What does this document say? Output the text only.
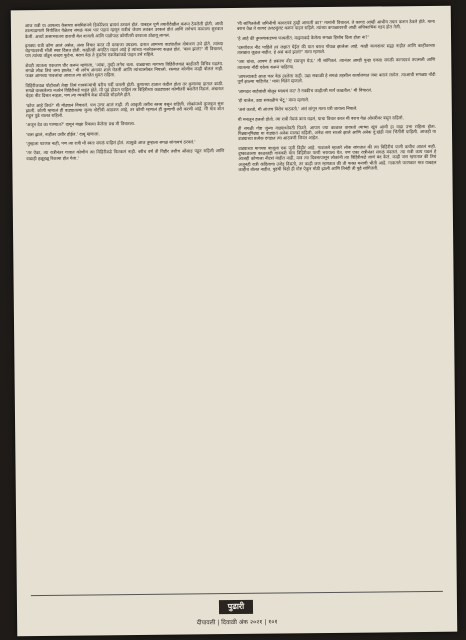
आज रात्री या आपल्या केसच्या सबमिशनचे डिकोरेशन द्यायचं ठरवलं होतं. याबद्दल पूर्ण तयारीदेखील करून ठेवलेली होती. आधी ठरल्याप्रमाणे नियोजित वेळेतच सगळं काम पार पडावं म्हणून रात्रीचं जेवण लवकर उरकलं होतं आणि लगेचच कामाला सुरुवात केली. अर्ध्या तासाभरातच दाराची बेल वाजली आणि पाठोपाठ कोणीतरी दरवाजा ठोठावू लागलं.

इतक्या रात्री कोण आलं असेल, असा विचार करत मी दरवाजा उघडला. दारात आमच्या वाड्यातील दोघंजण उभे होते. त्यांच्या चेहऱ्यावरची भीती स्पष्ट दिसत होती. काहीतरी अघटित घडलं आहे हे त्यांच्या नजरेवरूनच कळत होतं. 'काय झालं?' मी विचारलं, पण त्यांच्या तोंडून शब्दच फुटेना. बराच वेळ ते नुसतेच एकमेकांकडे पाहत उभे राहिले.

शेवटी त्यातला एकजण धीर करून म्हणाला, 'आबा, तुम्ही लगेच चला. वाड्याच्या मागच्या विहिरीजवळ काहीतरी विचित्र घडतंय. सगळे लोक तिथं जमा झालेत.' मी लगेच अंगावर शाल घेतली आणि त्यांच्यासोबत निघालो. रस्त्यात कोणीच काही बोललं नाही. फक्त आमच्या पावलांचा आवाज त्या शांततेत घुमत राहिला.

विहिरीजवळ पोहोचलो तेव्हा तिथं गावकऱ्यांची बरीच गर्दी जमली होती. कुणाच्या हातात कंदील होता तर कुणाच्या हातात काठी. सगळे घाबरलेल्या नजरेनं विहिरीकडे पाहत होते. मी पुढं होऊन पाहिलं तर विहिरीच्या कठड्यावर कोणीतरी बसलेलं दिसलं. अंधारात चेहरा नीट दिसत नव्हता, पण त्या व्यक्तीचे केस मोकळे सोडलेले होते.

'कोण आहे तिथं?' मी मोठ्यानं विचारलं. पण उत्तर आलं नाही. ती आकृती तशीच स्तब्ध बसून राहिली. लोकांमध्ये कुजबुज सुरू झाली. कोणी म्हणालं ही वाड्यातल्या जुन्या गोष्टींची आठवण आहे, तर कोणी म्हणालं ही कुणाची तरी करणी आहे. मी मात्र शांत राहून पुढे चालत राहिलो.

'अजून देव का पाण्यात?' दामूनं माझा रिकामा केलेला प्रश्न मी विचारला.

'बास झालं, नाहीतर उशीर होईल.' दामू म्हणाला.

'तुम्हाला पटणार नाही, पण त्या रात्री मी स्वतः सगळं पाहिलं होतं. त्यामुळे आज तुम्हाला सगळं सांगायचं ठरवलं.'

'तर ऐका, त्या रात्रीनंतर गावात कोणीच त्या विहिरीकडे फिरकलं नाही. बरीच वर्षं ती विहीर तशीच ओसाड पडून राहिली आणि वाडाही हळूहळू रिकामा होत गेला.'

'मी सांगितलेली जमिनीची कागदपत्रं तुम्ही आणली का?' मामांनी विचारलं. ते कागद आम्ही आधीच तयार करून ठेवले होते. मामा बराच वेळ ते कागद उलटसुलट करून पाहत राहिले. त्यांच्या कपाळावरची आठी अधिकाधिक गडद होत गेली.

'हे आहे की तुमच्याकडच्या फायलीत. माझ्याकडे केलेला सगळा हिशोब दिला होता ना?'

'दस्तऐवज नीट पाहिले तर लक्षात येईल की यात बराच गोंधळ झालेला आहे. काही कागदांवर सह्या नाहीत आणि काहींवरच्या तारखाच जुळत नाहीत. हे असं कसं झालं?' मामा म्हणाले.

'जरा थांबा, आपण हे प्रकरण नीट समजून घेऊ.' मी सांगितलं. त्यानंतर आम्ही पुन्हा एकदा सगळी कागदपत्रं तपासली आणि त्यातल्या नोंदी एकेक करून पाहिल्या.

'आपल्याकडे आता फार वेळ उरलेला नाही. उद्या सकाळी हे सगळं तहसील कार्यालयात जमा करावं लागेल. त्याआधी सगळ्या नोंदी पूर्ण झाल्या पाहिजेत.' मामा चिंतेनं म्हणाले.

'आमदार साहेबांशी बोलून घ्यायचं का? ते नक्कीच काहीतरी मार्ग काढतील.' मी विचारलं.

'हो चालेल, उद्या सकाळीच भेटू.' मामा म्हणाले.

'असं करतो, मी आजच निरोप पाठवतो.' असं सांगून मामा घरी जायला निघाले.

मी मनातून हललो होतो. त्या रात्री नेमकं काय घडलं, याचा विचार करत मी बराच वेळ ओसरीवर बसून राहिलो.

ही सगळी गोष्ट जुन्या वाड्याभोवती फिरते. आपण ज्या काळात वावरतो त्याच्या खूप आधी हा वाडा उभा राहिला होता. पिढ्यान्‌पिढ्या या वाड्यात अनेक माणसं राहिली, अनेक सण साजरे झाले आणि अनेक दु:खंही याच भिंतींनी पाहिली. आजही या वाड्याच्या प्रत्येक दगडात त्या आठवणी जिवंत आहेत.

वाड्याच्या मागच्या बाजूला एक जुनी विहीर आहे. गावातले म्हातारे लोक सांगतात की त्या विहिरीचं पाणी कधीच आटलं नाही. दुष्काळाच्या काळातही गावकरी याच विहिरीवर पाणी भरायला येत. पण एका रात्रीनंतर सगळं बदललं. त्या रात्री काय घडलं हे आजही कोणाला नीटसं माहीत नाही, मात्र त्या दिवसापासून लोकांनी त्या विहिरीकडे जाणं बंद केलं. काही जण म्हणतात की तिथं अजूनही रात्री कंदिलाचा उजेड दिसतो, तर काही जण म्हणतात की ती फक्त मनाची भीती आहे. गावातले जाणकार मात्र याबद्दल काहीच बोलत नाहीत. पुढची पिढी ही गोष्ट ऐकून मोठी झाली आणि तिनंही ती पुढे सांगितली.

पुढारी
दीपावली | दिवाळी अंक २०२१ | १०१
